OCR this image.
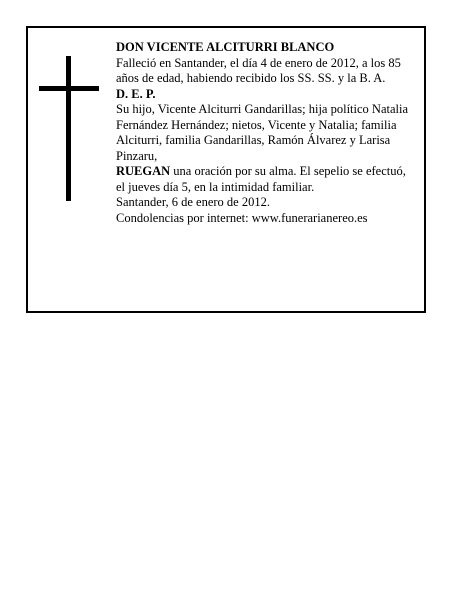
DON VICENTE ALCITURRI BLANCO

Falleció en Santander, el día 4 de enero de 2012, a los 85 años de edad, habiendo recibido los SS. SS. y la B. A.

D. E. P.

Su hijo, Vicente Alciturri Gandarillas; hija político Natalia Fernández Hernández; nietos, Vicente y Natalia; familia Alciturri, familia Gandarillas, Ramón Álvarez y Larisa Pinzaru,

RUEGAN una oración por su alma. El sepelio se efectuó, el jueves día 5, en la intimidad familiar.

Santander, 6 de enero de 2012.

Condolencias por internet: www.funerarianereo.es
